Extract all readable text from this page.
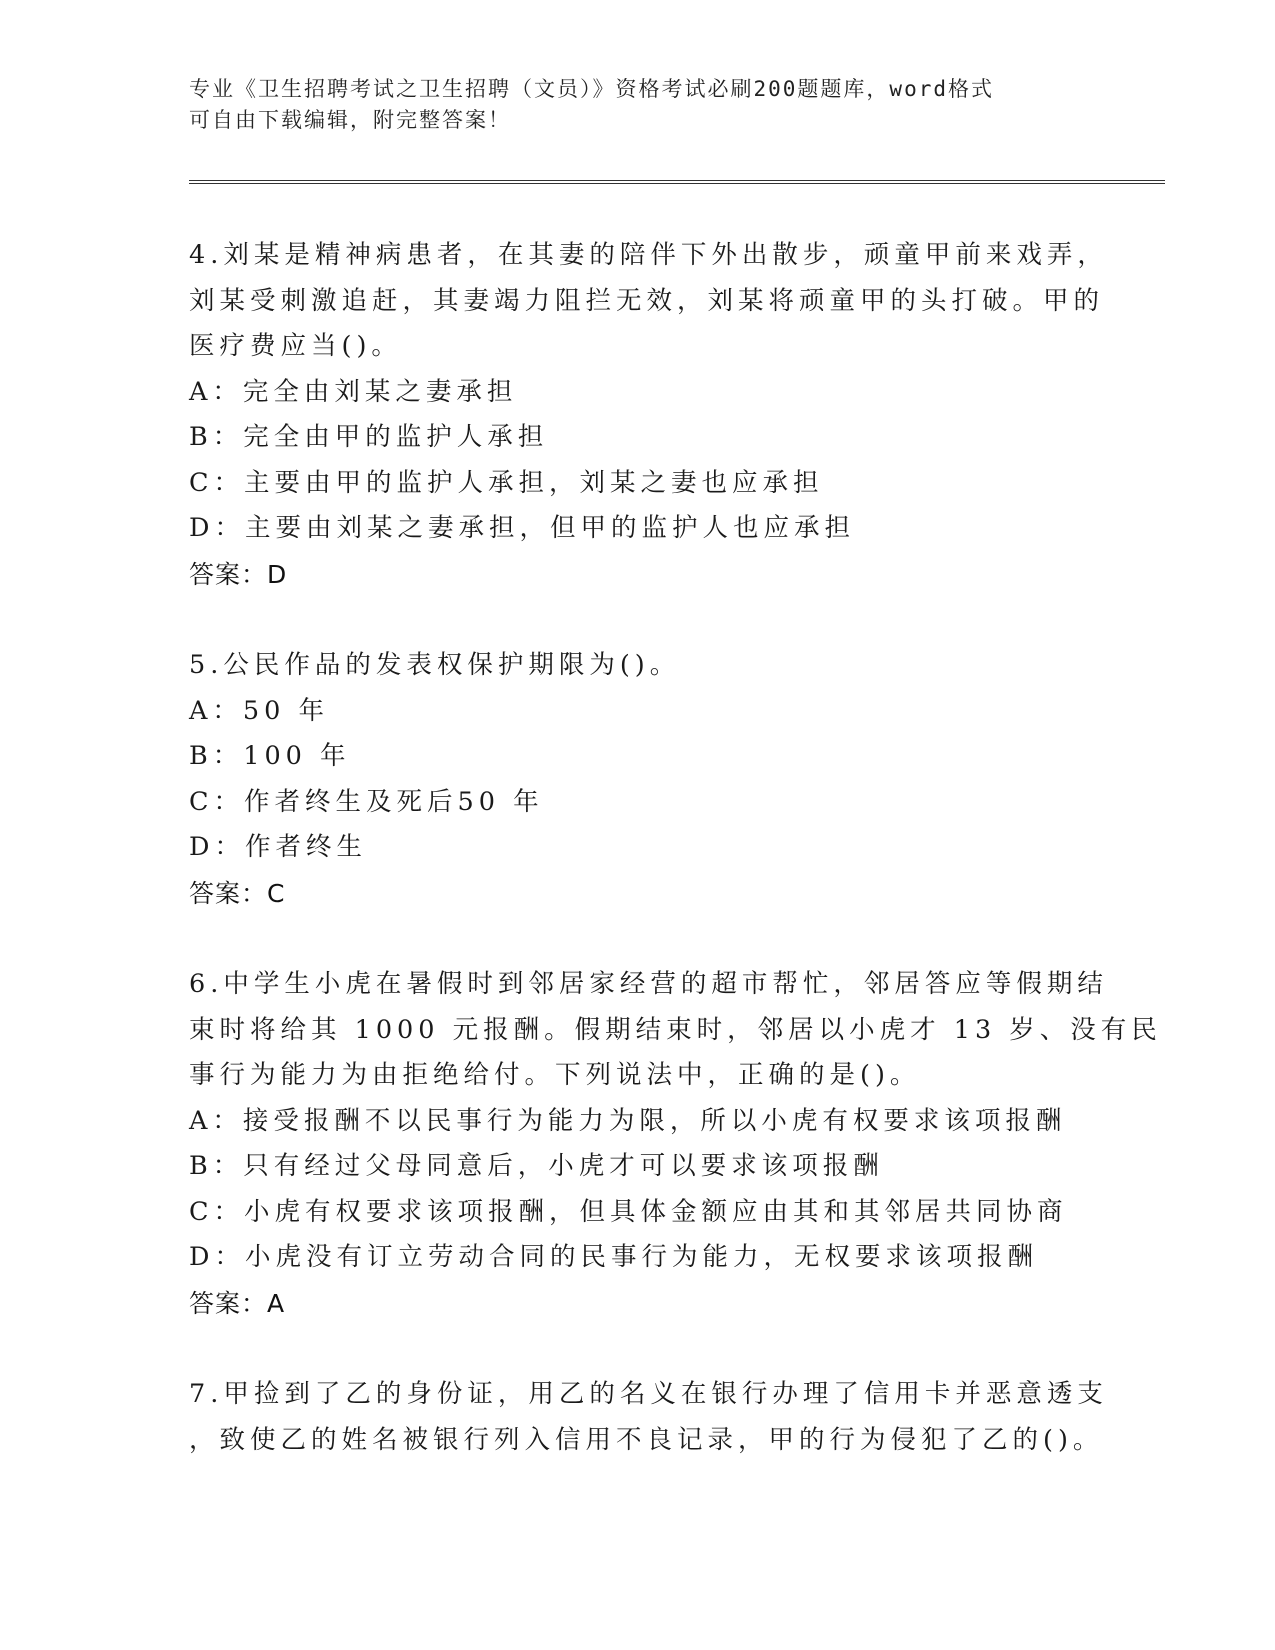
专业《卫生招聘考试之卫生招聘（文员）》资格考试必刷200题题库，word格式
可自由下载编辑，附完整答案！
4.刘某是精神病患者，在其妻的陪伴下外出散步，顽童甲前来戏弄，
刘某受刺激追赶，其妻竭力阻拦无效，刘某将顽童甲的头打破。甲的
医疗费应当()。
A：完全由刘某之妻承担
B：完全由甲的监护人承担
C：主要由甲的监护人承担，刘某之妻也应承担
D：主要由刘某之妻承担，但甲的监护人也应承担
答案：D
5.公民作品的发表权保护期限为()。
A：50 年
B：100 年
C：作者终生及死后50 年
D：作者终生
答案：C
6.中学生小虎在暑假时到邻居家经营的超市帮忙，邻居答应等假期结
束时将给其 1000 元报酬。假期结束时，邻居以小虎才 13 岁、没有民
事行为能力为由拒绝给付。下列说法中，正确的是()。
A：接受报酬不以民事行为能力为限，所以小虎有权要求该项报酬
B：只有经过父母同意后，小虎才可以要求该项报酬
C：小虎有权要求该项报酬，但具体金额应由其和其邻居共同协商
D：小虎没有订立劳动合同的民事行为能力，无权要求该项报酬
答案：A
7.甲捡到了乙的身份证，用乙的名义在银行办理了信用卡并恶意透支
，致使乙的姓名被银行列入信用不良记录，甲的行为侵犯了乙的()。
